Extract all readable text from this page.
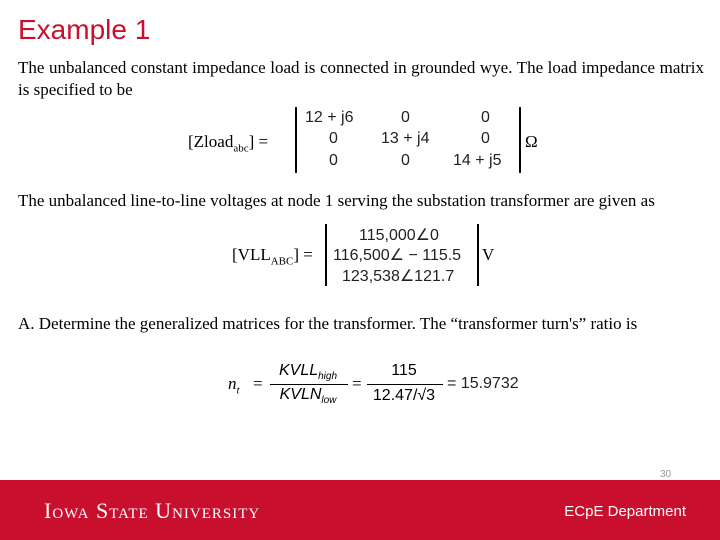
Example 1
The unbalanced constant impedance load is connected in grounded wye. The load impedance matrix is specified to be
[Zload$_{abc}$] =
12 + j6	0	0
0	13 + j4	0
0	0	14 + j5
Ω
The unbalanced line-to-line voltages at node 1 serving the substation transformer are given as
$[VLL_{ABC}]$ =
115,000∠0
116,500∠ − 115.5
123,538∠121.7
V
A. Determine the generalized matrices for the transformer. The “transformer turn's” ratio is
$n_t$ =
$KVLL_{high}$
$KVLN_{low}$
=
115
12.47/√3
= 15.9732
30
Iowa State University	ECpE Department
